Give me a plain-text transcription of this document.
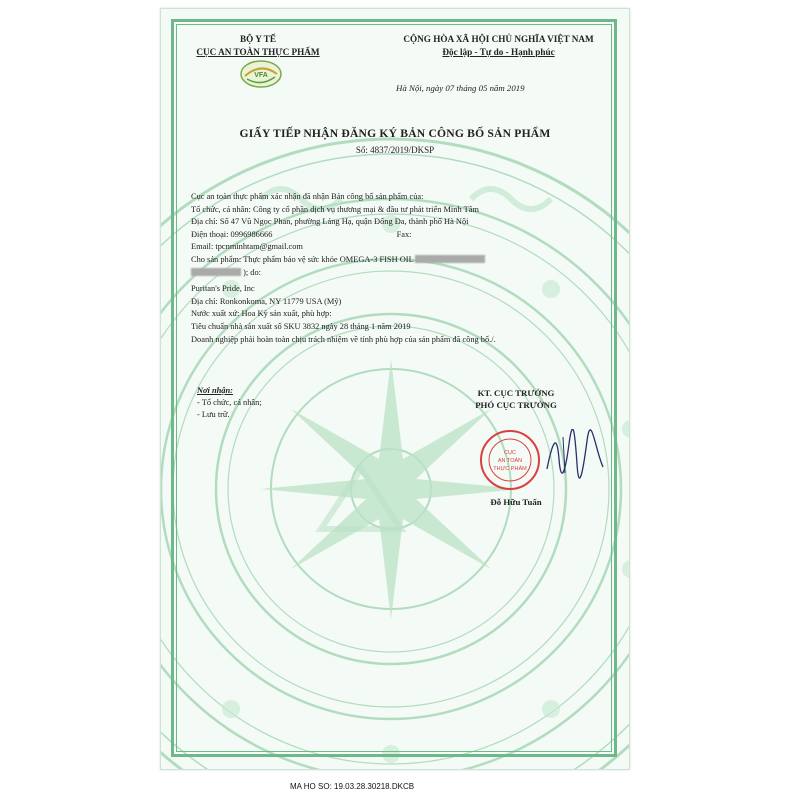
BỘ Y TẾ
CỤC AN TOÀN THỰC PHẨM
VFA
CỘNG HÒA XÃ HỘI CHỦ NGHĨA VIỆT NAM
Độc lập - Tự do - Hạnh phúc
Hà Nội, ngày 07 tháng 05 năm 2019
GIẤY TIẾP NHẬN ĐĂNG KÝ BẢN CÔNG BỐ SẢN PHẨM
Số: 4837/2019/DKSP
Cục an toàn thực phẩm xác nhận đã nhận Bản công bố sản phẩm của:
Tổ chức, cá nhân: Công ty cổ phần dịch vụ thương mại & đầu tư phát triển Minh Tâm
Địa chỉ: Số 47 Vũ Ngọc Phan, phường Láng Hạ, quận Đống Đa, thành phố Hà Nội
Điện thoại: 0996986666	Fax:
Email: tpcnminhtam@gmail.com
Cho sản phẩm: Thực phẩm bảo vệ sức khỏe OMEGA-3 FISH OIL
); do:
Puritan's Pride, Inc
Địa chỉ: Ronkonkoma, NY 11779 USA (Mỹ)
Nước xuất xứ: Hoa Kỳ sản xuất, phù hợp:
Tiêu chuẩn nhà sản xuất số SKU 3832 ngày 28 tháng 1 năm 2019
Doanh nghiệp phải hoàn toàn chịu trách nhiệm về tính phù hợp của sản phẩm đã công bố./.
Nơi nhận:
- Tổ chức, cá nhân;
- Lưu trữ.
KT. CỤC TRƯỞNG
PHÓ CỤC TRƯỞNG
CỤC
AN TOÀN
THỰC PHẨM
Đỗ Hữu Tuấn
MA HO SO: 19.03.28.30218.DKCB
